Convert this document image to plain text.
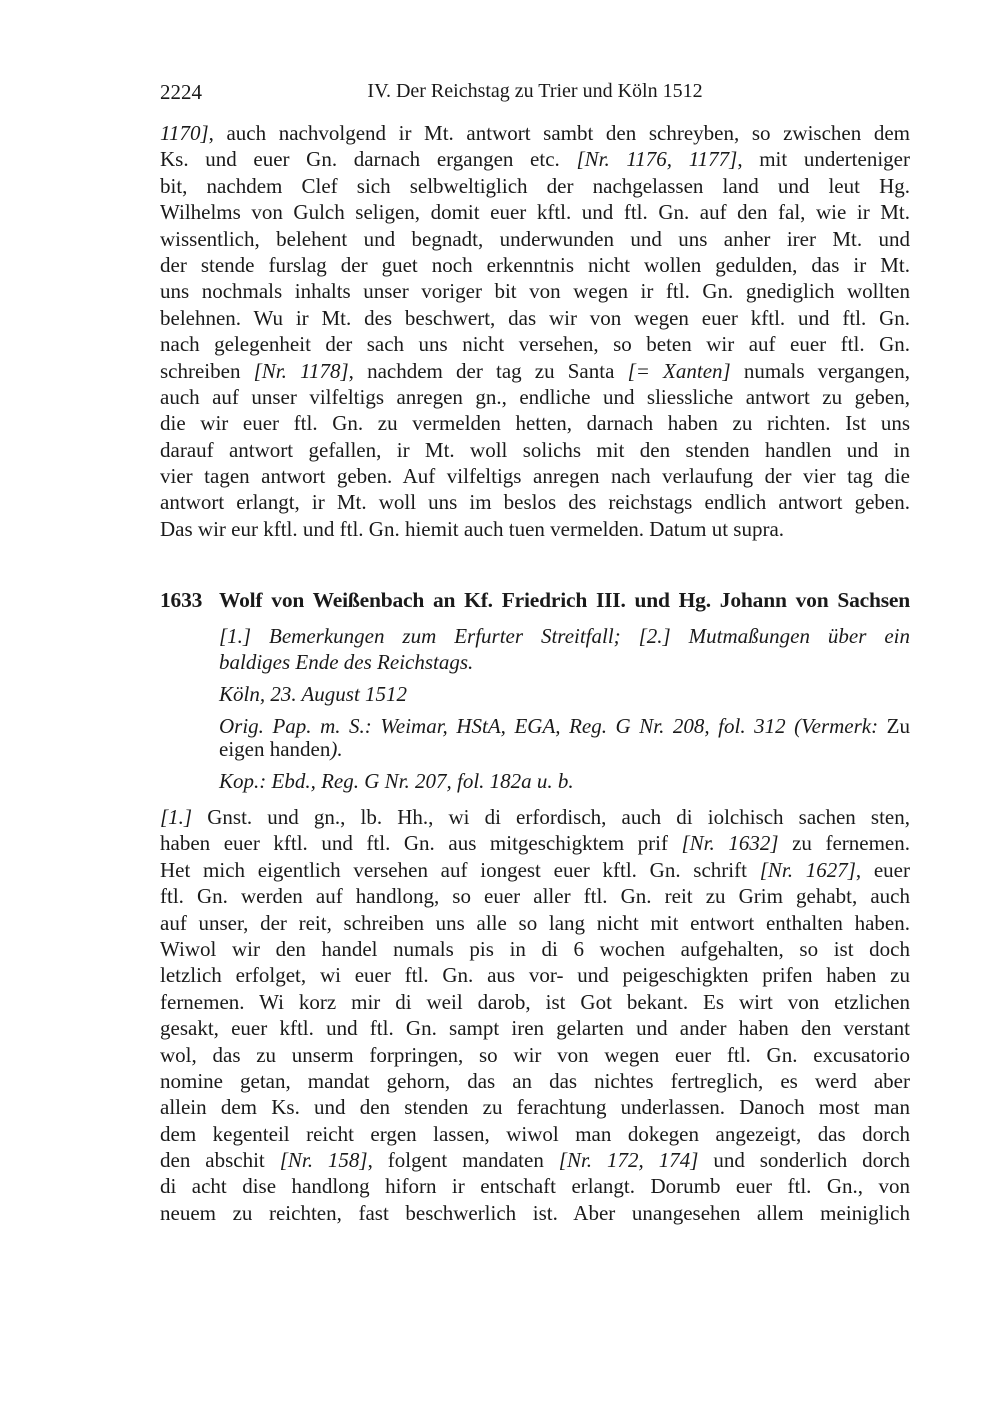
2224	IV. Der Reichstag zu Trier und Köln 1512
1170], auch nachvolgend ir Mt. antwort sambt den schreyben, so zwischen dem
Ks. und euer Gn. darnach ergangen etc. [Nr. 1176, 1177], mit underteniger
bit, nachdem Clef sich selbweltiglich der nachgelassen land und leut Hg.
Wilhelms von Gulch seligen, domit euer kftl. und ftl. Gn. auf den fal, wie ir Mt.
wissentlich, belehent und begnadt, underwunden und uns anher irer Mt. und
der stende furslag der guet noch erkenntnis nicht wollen gedulden, das ir Mt.
uns nochmals inhalts unser voriger bit von wegen ir ftl. Gn. gnediglich wollten
belehnen. Wu ir Mt. des beschwert, das wir von wegen euer kftl. und ftl. Gn.
nach gelegenheit der sach uns nicht versehen, so beten wir auf euer ftl. Gn.
schreiben [Nr. 1178], nachdem der tag zu Santa [= Xanten] numals vergangen,
auch auf unser vilfeltigs anregen gn., endliche und sliessliche antwort zu geben,
die wir euer ftl. Gn. zu vermelden hetten, darnach haben zu richten. Ist uns
darauf antwort gefallen, ir Mt. woll solichs mit den stenden handlen und in
vier tagen antwort geben. Auf vilfeltigs anregen nach verlaufung der vier tag die
antwort erlangt, ir Mt. woll uns im beslos des reichstags endlich antwort geben.
Das wir eur kftl. und ftl. Gn. hiemit auch tuen vermelden. Datum ut supra.
1633 Wolf von Weißenbach an Kf. Friedrich III. und Hg. Johann von Sachsen
[1.] Bemerkungen zum Erfurter Streitfall; [2.] Mutmaßungen über ein
baldiges Ende des Reichstags.
Köln, 23. August 1512
Orig. Pap. m. S.: Weimar, HStA, EGA, Reg. G Nr. 208, fol. 312 (Vermerk: Zu
eigen handen).
Kop.: Ebd., Reg. G Nr. 207, fol. 182a u. b.
[1.] Gnst. und gn., lb. Hh., wi di erfordisch, auch di iolchisch sachen sten,
haben euer kftl. und ftl. Gn. aus mitgeschigktem prif [Nr. 1632] zu fernemen.
Het mich eigentlich versehen auf iongest euer kftl. Gn. schrift [Nr. 1627], euer
ftl. Gn. werden auf handlong, so euer aller ftl. Gn. reit zu Grim gehabt, auch
auf unser, der reit, schreiben uns alle so lang nicht mit entwort enthalten haben.
Wiwol wir den handel numals pis in di 6 wochen aufgehalten, so ist doch
letzlich erfolget, wi euer ftl. Gn. aus vor- und peigeschigkten prifen haben zu
fernemen. Wi korz mir di weil darob, ist Got bekant. Es wirt von etzlichen
gesakt, euer kftl. und ftl. Gn. sampt iren gelarten und ander haben den verstant
wol, das zu unserm forpringen, so wir von wegen euer ftl. Gn. excusatorio
nomine getan, mandat gehorn, das an das nichtes fertreglich, es werd aber
allein dem Ks. und den stenden zu ferachtung underlassen. Danoch most man
dem kegenteil reicht ergen lassen, wiwol man dokegen angezeigt, das dorch
den abschit [Nr. 158], folgent mandaten [Nr. 172, 174] und sonderlich dorch
di acht dise handlong hiforn ir entschaft erlangt. Dorumb euer ftl. Gn., von
neuem zu reichten, fast beschwerlich ist. Aber unangesehen allem meiniglich
